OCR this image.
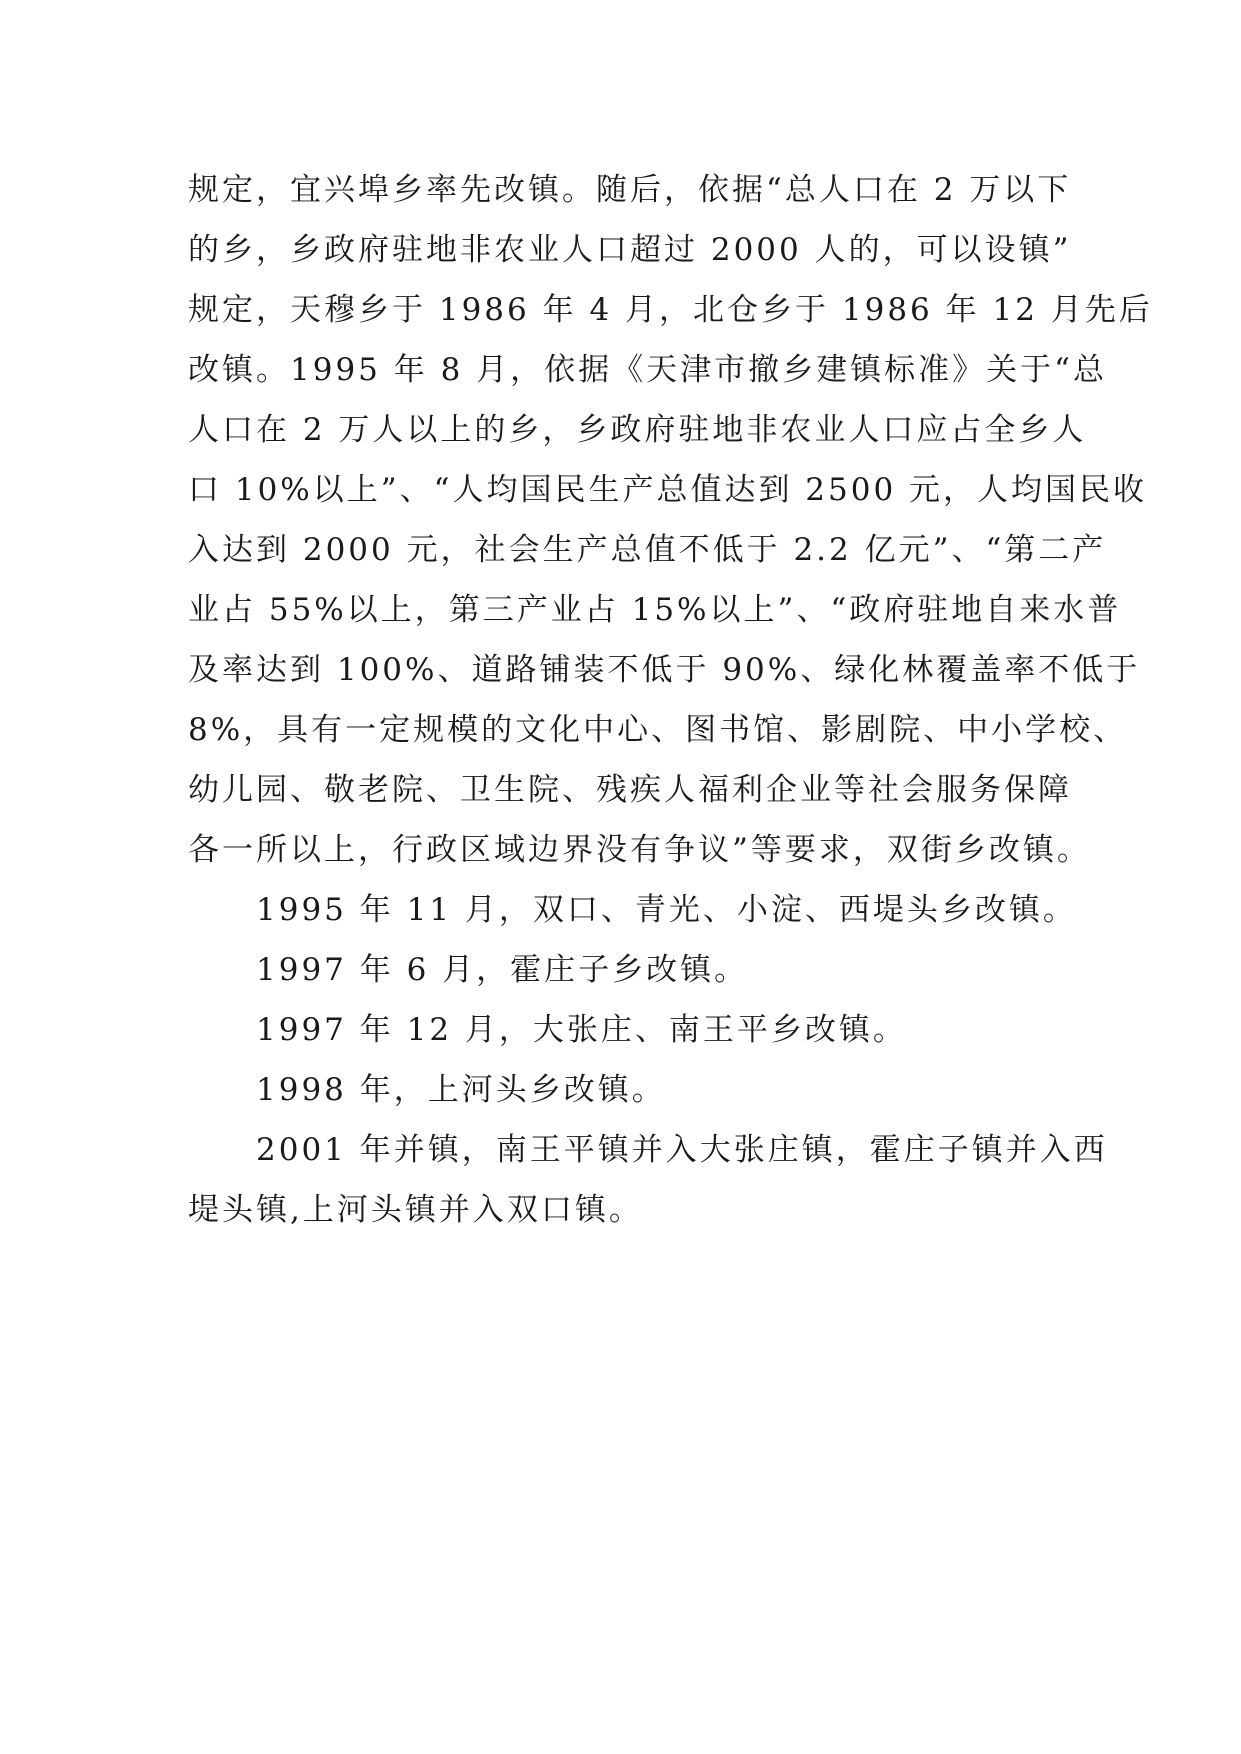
规定，宜兴埠乡率先改镇。随后，依据“总人口在 2 万以下
的乡，乡政府驻地非农业人口超过 2000 人的，可以设镇”
规定，天穆乡于 1986 年 4 月，北仓乡于 1986 年 12 月先后
改镇。1995 年 8 月，依据《天津市撤乡建镇标准》关于“总
人口在 2 万人以上的乡，乡政府驻地非农业人口应占全乡人
口 10%以上”、“人均国民生产总值达到 2500 元，人均国民收
入达到 2000 元，社会生产总值不低于 2.2 亿元”、“第二产
业占 55%以上，第三产业占 15%以上”、“政府驻地自来水普
及率达到 100%、道路铺装不低于 90%、绿化林覆盖率不低于
8%，具有一定规模的文化中心、图书馆、影剧院、中小学校、
幼儿园、敬老院、卫生院、残疾人福利企业等社会服务保障
各一所以上，行政区域边界没有争议”等要求，双街乡改镇。
1995 年 11 月，双口、青光、小淀、西堤头乡改镇。
1997 年 6 月，霍庄子乡改镇。
1997 年 12 月，大张庄、南王平乡改镇。
1998 年，上河头乡改镇。
2001 年并镇，南王平镇并入大张庄镇，霍庄子镇并入西
堤头镇,上河头镇并入双口镇。
